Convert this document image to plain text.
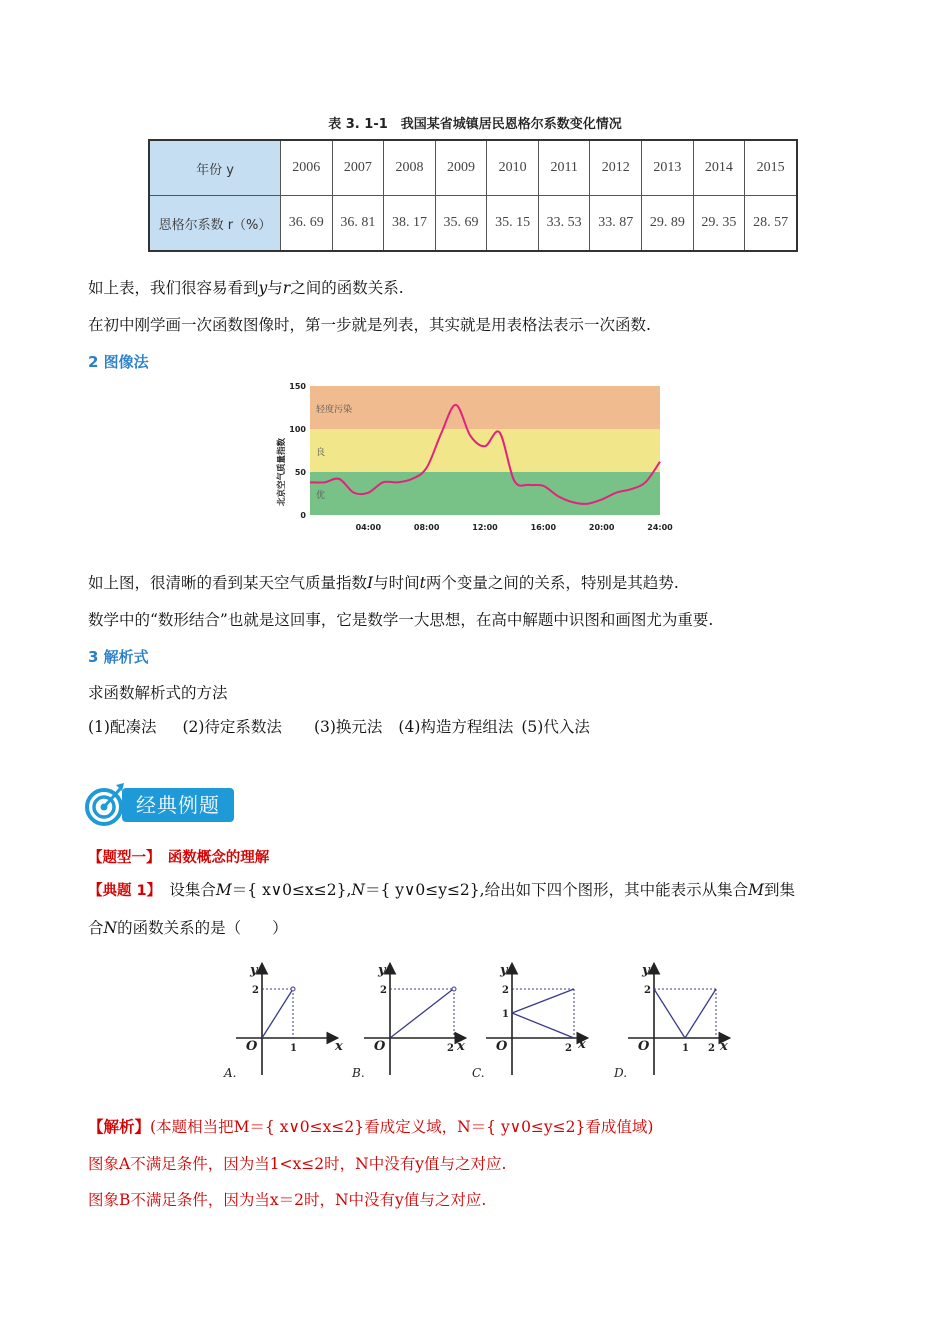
表 3. 1-1　我国某省城镇居民恩格尔系数变化情况
年份 y	2006	2007	2008	2009	2010	2011	2012	2013	2014	2015
恩格尔系数 r（%）	36. 69	36. 81	38. 17	35. 69	35. 15	33. 53	33. 87	29. 89	29. 35	28. 57
如上表，我们很容易看到y与r之间的函数关系.
在初中刚学画一次函数图像时，第一步就是列表，其实就是用表格法表示一次函数.
2 图像法
优
良
轻度污染
0
50
100
150
04:00	08:00	12:00	16:00	20:00	24:00
北京空气质量指数
如上图，很清晰的看到某天空气质量指数I与时间t两个变量之间的关系，特别是其趋势.
数学中的“数形结合”也就是这回事，它是数学一大思想，在高中解题中识图和画图尤为重要.
3 解析式
求函数解析式的方法
(1)配凑法 (2)待定系数法 (3)换元法 (4)构造方程组法 (5)代入法
经典例题
【题型一】　函数概念的理解
【典题 1】　设集合M＝{ x∨0≤x≤2},N＝{ y∨0≤y≤2},给出如下四个图形，其中能表示从集合M到集
合N的函数关系的是（　　）
y
x
O
2
1
y
O
2
2 x
y
O
2
1
2 x
y
O
2
1 2 x
A.	B.	C.	D.
【解析】(本题相当把M＝{ x∨0≤x≤2}看成定义域，N＝{ y∨0≤y≤2}看成值域)
图象A不满足条件，因为当1<x≤2时，N中没有y值与之对应.
图象B不满足条件，因为当x＝2时，N中没有y值与之对应.
